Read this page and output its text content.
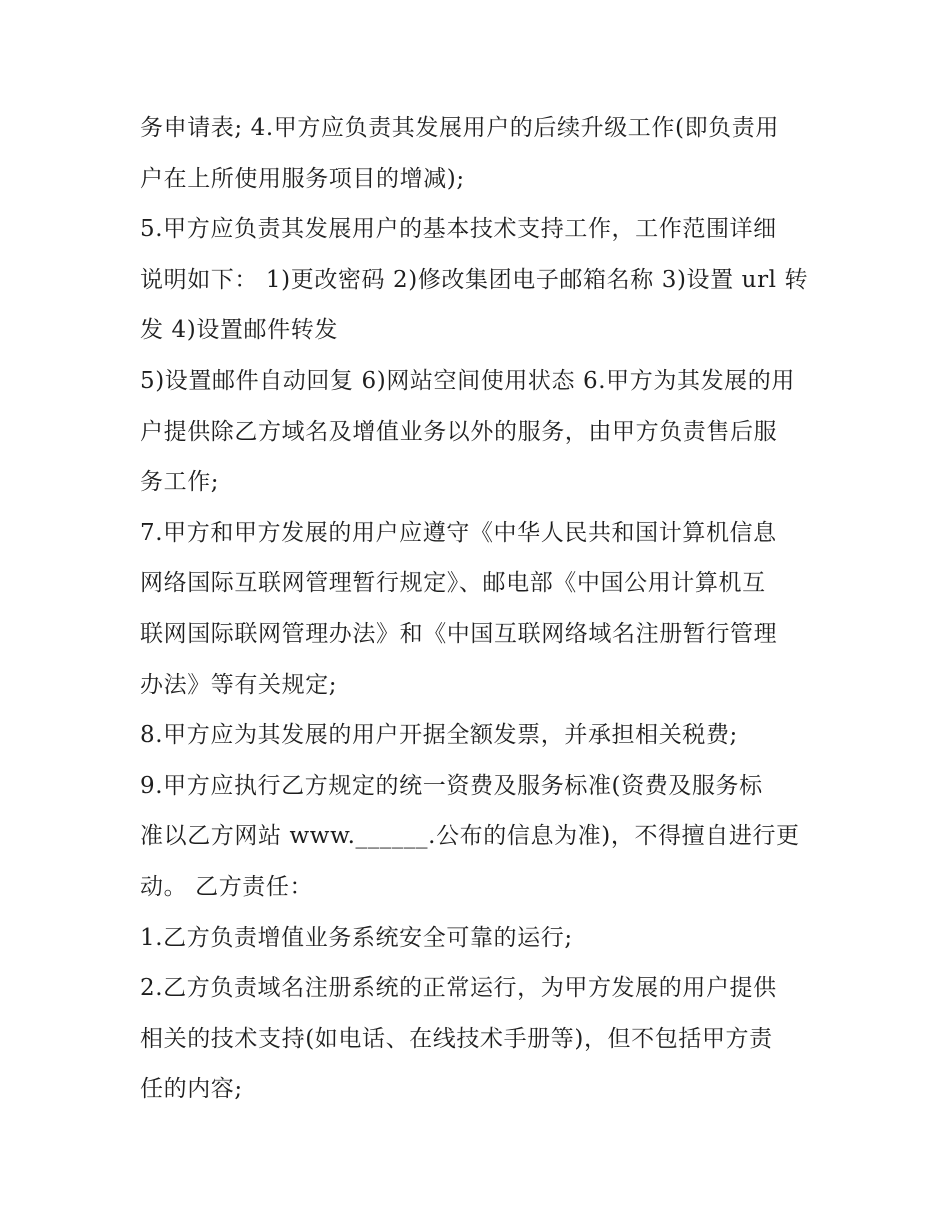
务申请表; 4.甲方应负责其发展用户的后续升级工作(即负责用

户在上所使用服务项目的增减);

5.甲方应负责其发展用户的基本技术支持工作，工作范围详细

说明如下： 1)更改密码 2)修改集团电子邮箱名称 3)设置 url 转

发 4)设置邮件转发

5)设置邮件自动回复 6)网站空间使用状态 6.甲方为其发展的用

户提供除乙方域名及增值业务以外的服务，由甲方负责售后服

务工作;

7.甲方和甲方发展的用户应遵守《中华人民共和国计算机信息

网络国际互联网管理暂行规定》、邮电部《中国公用计算机互

联网国际联网管理办法》和《中国互联网络域名注册暂行管理

办法》等有关规定;

8.甲方应为其发展的用户开据全额发票，并承担相关税费;

9.甲方应执行乙方规定的统一资费及服务标准(资费及服务标

准以乙方网站 www.______.公布的信息为准)，不得擅自进行更

动。 乙方责任：

1.乙方负责增值业务系统安全可靠的运行;

2.乙方负责域名注册系统的正常运行，为甲方发展的用户提供

相关的技术支持(如电话、在线技术手册等)，但不包括甲方责

任的内容;
